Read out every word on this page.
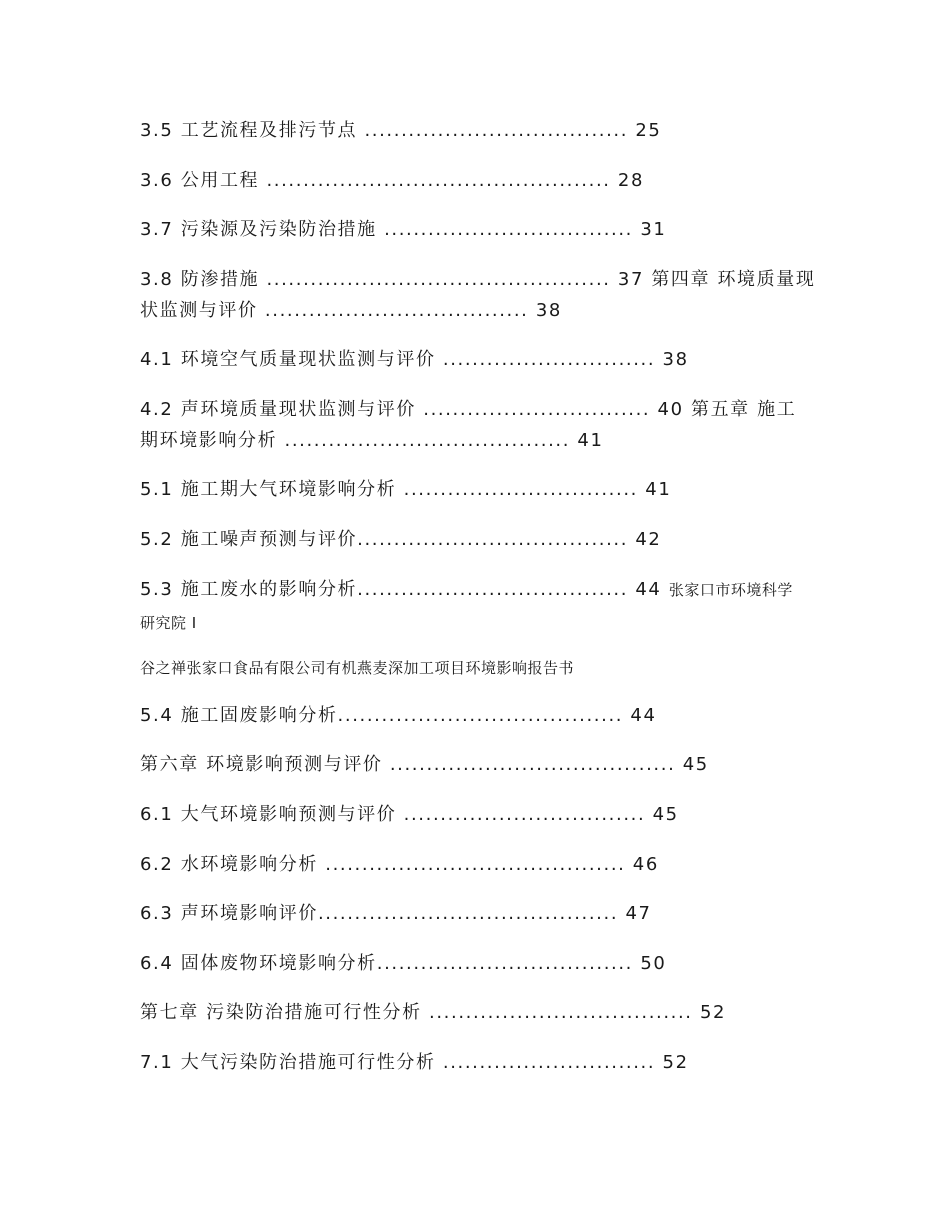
3.5 工艺流程及排污节点 .................................... 25
3.6 公用工程 ............................................... 28
3.7 污染源及污染防治措施 .................................. 31
3.8 防渗措施 ............................................... 37 第四章 环境质量现
状监测与评价 .................................... 38
4.1 环境空气质量现状监测与评价 ............................. 38
4.2 声环境质量现状监测与评价 ............................... 40 第五章 施工
期环境影响分析 ....................................... 41
5.1 施工期大气环境影响分析 ................................ 41
5.2 施工噪声预测与评价..................................... 42
5.3 施工废水的影响分析..................................... 44 张家口市环境科学
研究院 I
谷之禅张家口食品有限公司有机燕麦深加工项目环境影响报告书
5.4 施工固废影响分析....................................... 44
第六章 环境影响预测与评价 ....................................... 45
6.1 大气环境影响预测与评价 ................................. 45
6.2 水环境影响分析 ......................................... 46
6.3 声环境影响评价......................................... 47
6.4 固体废物环境影响分析................................... 50
第七章 污染防治措施可行性分析 .................................... 52
7.1 大气污染防治措施可行性分析 ............................. 52
